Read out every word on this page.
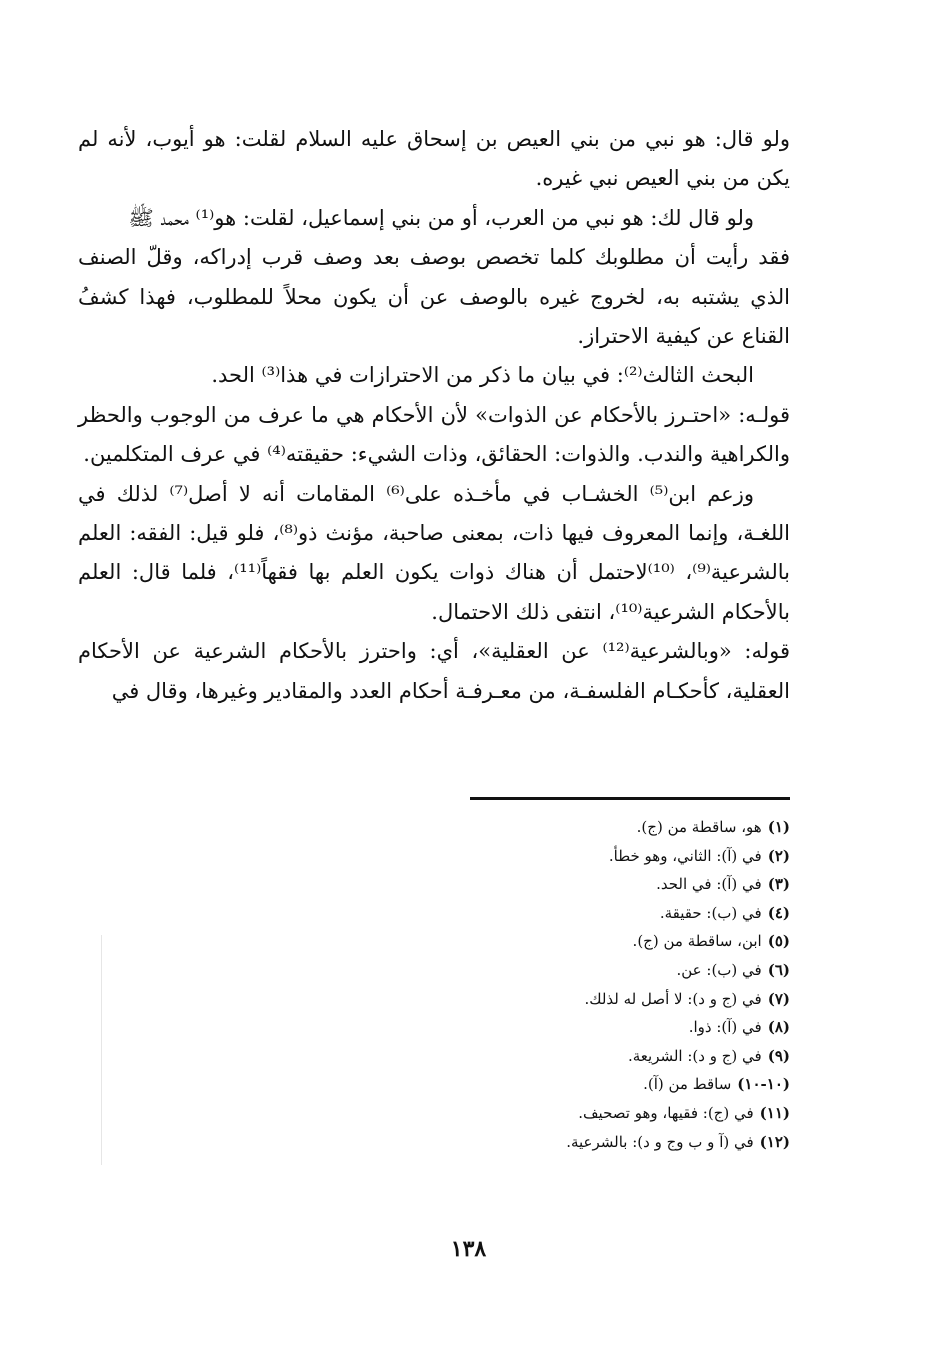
ولو قال: هو نبي من بني العيص بن إسحاق عليه السلام لقلت: هو أيوب، لأنه لم يكن من بني العيص نبي غيره.

ولو قال لك: هو نبي من العرب، أو من بني إسماعيل، لقلت: هو⁽¹⁾ محمد ﷺ

فقد رأيت أن مطلوبك كلما تخصص بوصف بعد وصف قرب إدراكه، وقلّ الصنف الذي يشتبه به، لخروج غيره بالوصف عن أن يكون محلاً للمطلوب، فهذا كشفُ القناع عن كيفية الاحتراز.

البحث الثالث⁽²⁾: في بيان ما ذكر من الاحترازات في هذا⁽³⁾ الحد.

قولـه: «احتـرز بالأحكام عن الذوات» لأن الأحكام هي ما عرف من الوجوب والحظر والكراهية والندب. والذوات: الحقائق، وذات الشيء: حقيقته⁽⁴⁾ في عرف المتكلمين.

وزعم ابن⁽⁵⁾ الخشـاب في مأخـذه على⁽⁶⁾ المقامات أنه لا أصل⁽⁷⁾ لذلك في اللغـة، وإنما المعروف فيها ذات، بمعنى صاحبة، مؤنث ذو⁽⁸⁾، فلو قيل: الفقه: العلم بالشرعية⁽⁹⁾، ⁽¹⁰⁾لاحتمل أن هناك ذوات يكون العلم بها فقهاً⁽¹¹⁾، فلما قال: العلم بالأحكام الشرعية⁽¹⁰⁾، انتفى ذلك الاحتمال.

قوله: «وبالشرعية⁽¹²⁾ عن العقلية»، أي: واحترز بالأحكام الشرعية عن الأحكام العقلية، كأحكـام الفلسفـة، من معـرفـة أحكام العدد والمقادير وغيرها، وقال في

(١)هو، ساقطة من (ج).
(٢)في (آ): الثاني، وهو خطأ.
(٣)في (آ): في الحد.
(٤)في (ب): حقيقة.
(٥)ابن، ساقطة من (ج).
(٦)في (ب): عن.
(٧)في (ج و د): لا أصل له لذلك.
(٨)في (آ): ذوا.
(٩)في (ج و د): الشريعة.
(١٠-١٠)ساقط من (آ).
(١١)في (ج): فقيها، وهو تصحيف.
(١٢)في (آ و ب وج و د): بالشرعية.
١٣٨
